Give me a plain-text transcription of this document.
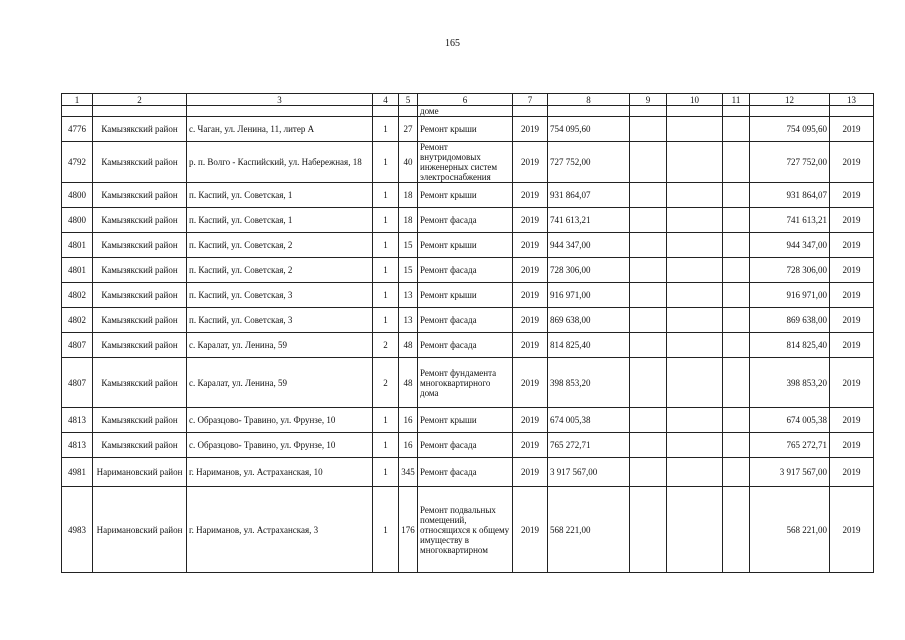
165
1	2	3	4	5	6	7	8	9	10	11	12	13
					доме							
4776	Камызякский район	с. Чаган, ул. Ленина, 11, литер А	1	27	Ремонт крыши	2019	754 095,60				754 095,60	2019
4792	Камызякский район	р. п. Волго - Каспийский, ул. Набережная, 18	1	40	Ремонт внутридомовых инженерных систем электроснабжения	2019	727 752,00				727 752,00	2019
4800	Камызякский район	п. Каспий, ул. Советская, 1	1	18	Ремонт крыши	2019	931 864,07				931 864,07	2019
4800	Камызякский район	п. Каспий, ул. Советская, 1	1	18	Ремонт фасада	2019	741 613,21				741 613,21	2019
4801	Камызякский район	п. Каспий, ул. Советская, 2	1	15	Ремонт крыши	2019	944 347,00				944 347,00	2019
4801	Камызякский район	п. Каспий, ул. Советская, 2	1	15	Ремонт фасада	2019	728 306,00				728 306,00	2019
4802	Камызякский район	п. Каспий, ул. Советская, 3	1	13	Ремонт крыши	2019	916 971,00				916 971,00	2019
4802	Камызякский район	п. Каспий, ул. Советская, 3	1	13	Ремонт фасада	2019	869 638,00				869 638,00	2019
4807	Камызякский район	с. Каралат, ул. Ленина, 59	2	48	Ремонт фасада	2019	814 825,40				814 825,40	2019
4807	Камызякский район	с. Каралат, ул. Ленина, 59	2	48	Ремонт фундамента многоквартирного дома	2019	398 853,20				398 853,20	2019
4813	Камызякский район	с. Образцово- Травино, ул. Фрунзе, 10	1	16	Ремонт крыши	2019	674 005,38				674 005,38	2019
4813	Камызякский район	с. Образцово- Травино, ул. Фрунзе, 10	1	16	Ремонт фасада	2019	765 272,71				765 272,71	2019
4981	Наримановский район	г. Нариманов, ул. Астраханская, 10	1	345	Ремонт фасада	2019	3 917 567,00				3 917 567,00	2019
4983	Наримановский район	г. Нариманов, ул. Астраханская, 3	1	176	Ремонт подвальных помещений, относящихся к общему имуществу в многоквартирном	2019	568 221,00				568 221,00	2019
